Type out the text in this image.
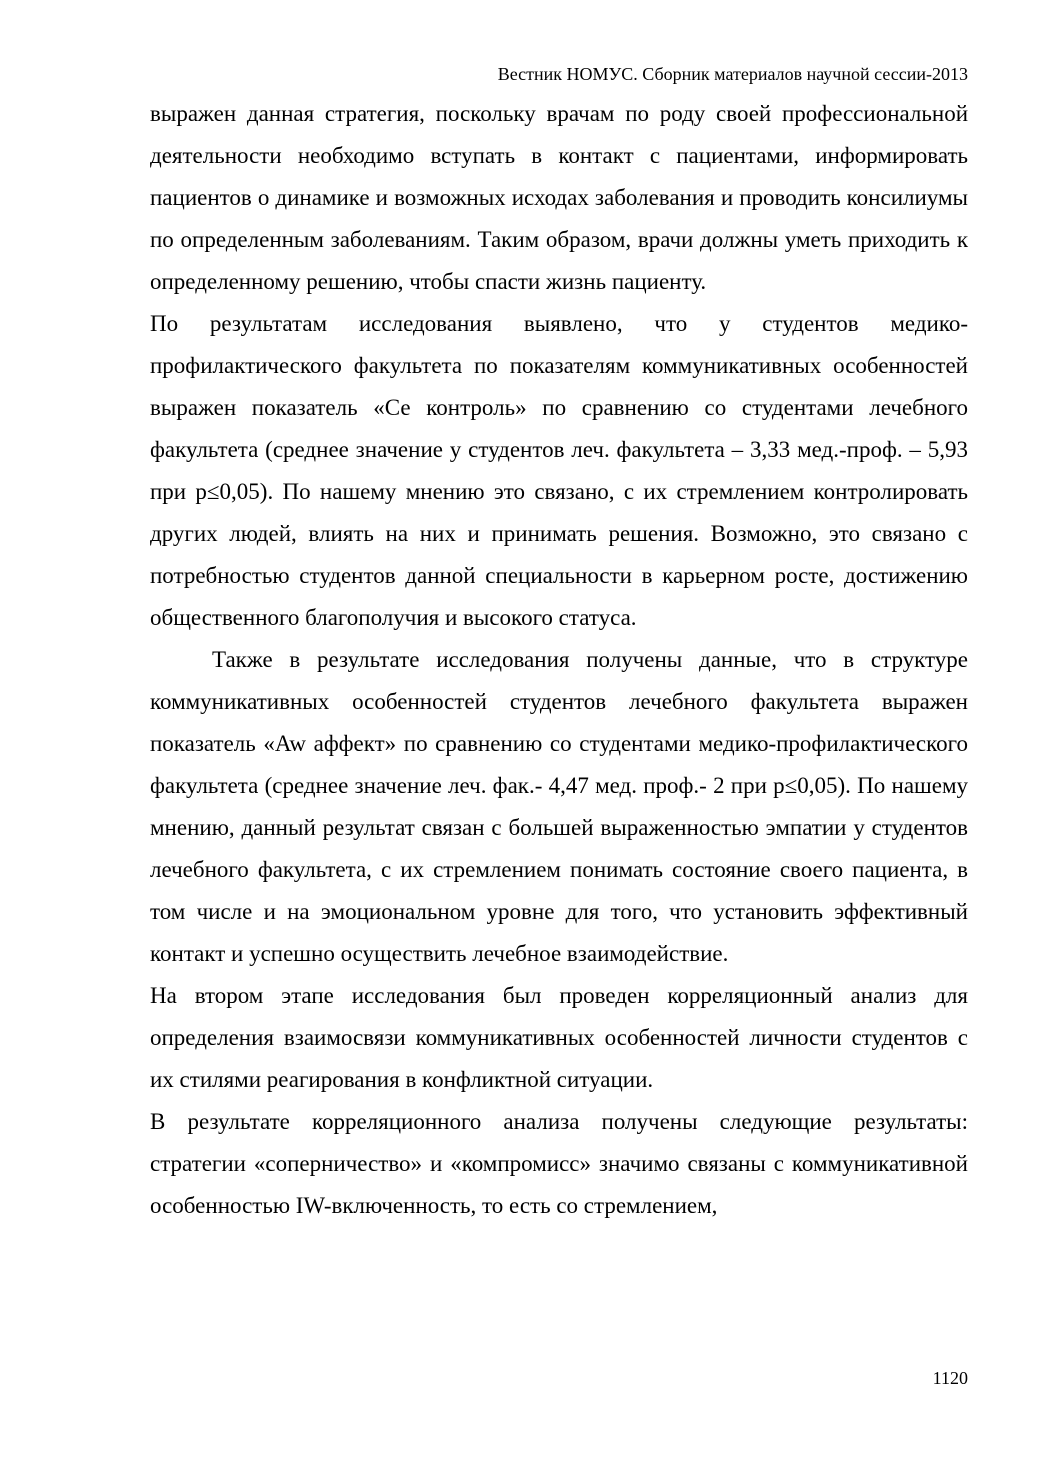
Вестник НОМУС. Сборник материалов научной сессии-2013

выражен данная стратегия, поскольку врачам по роду своей профессиональной деятельности необходимо вступать в контакт с пациентами, информировать пациентов о динамике и возможных исходах заболевания и проводить консилиумы по определенным заболеваниям. Таким образом, врачи должны уметь приходить к определенному решению, чтобы спасти жизнь пациенту.

По результатам исследования выявлено, что у студентов медико-профилактического факультета по показателям коммуникативных особенностей выражен показатель «Се контроль» по сравнению со студентами лечебного факультета (среднее значение у студентов леч. факультета – 3,33 мед.-проф. – 5,93 при p≤0,05). По нашему мнению это связано, с их стремлением контролировать других людей, влиять на них и принимать решения. Возможно, это связано с потребностью студентов данной специальности в карьерном росте, достижению общественного благополучия и высокого статуса.

Также в результате исследования получены данные, что в структуре коммуникативных особенностей студентов лечебного факультета выражен показатель «Aw аффект» по сравнению со студентами медико-профилактического факультета (среднее значение леч. фак.- 4,47 мед. проф.- 2 при p≤0,05). По нашему мнению, данный результат связан с большей выраженностью эмпатии у студентов лечебного факультета, с их стремлением понимать состояние своего пациента, в том числе и на эмоциональном уровне для того, что установить эффективный контакт и успешно осуществить лечебное взаимодействие.

На втором этапе исследования был проведен корреляционный анализ для определения взаимосвязи коммуникативных особенностей личности студентов с их стилями реагирования в конфликтной ситуации.

В результате корреляционного анализа получены следующие результаты: стратегии «соперничество» и «компромисс» значимо связаны с коммуникативной особенностью IW-включенность, то есть со стремлением,

1120
